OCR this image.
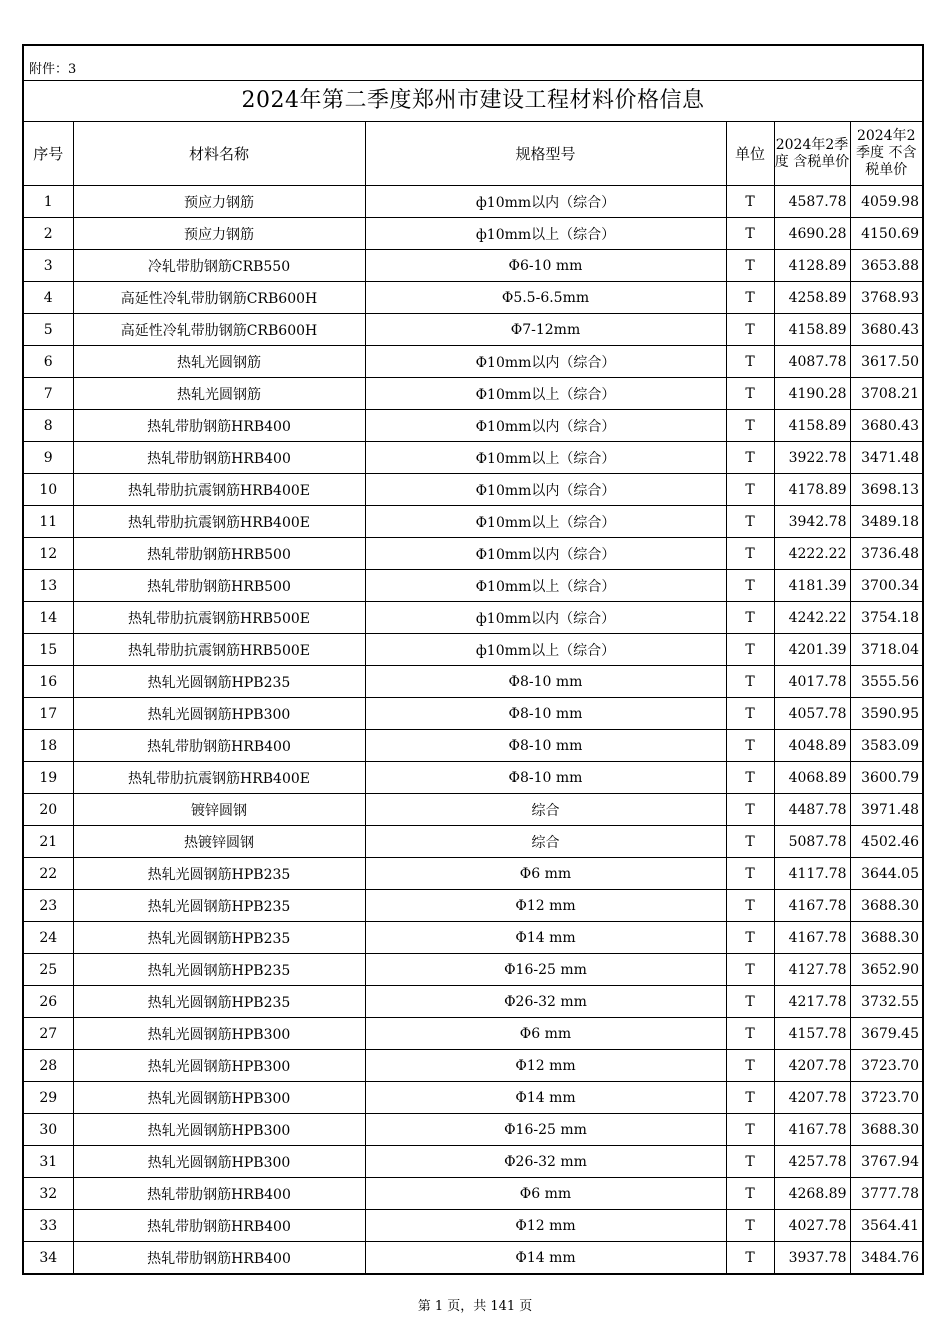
附件：3
2024年第二季度郑州市建设工程材料价格信息
序号	材料名称	规格型号	单位	2024年2季度 含税单价	2024年2季度 不含税单价
1	预应力钢筋	ф10mm以内（综合）	T	4587.78	4059.98
2	预应力钢筋	ф10mm以上（综合）	T	4690.28	4150.69
3	冷轧带肋钢筋CRB550	Φ6-10 mm	T	4128.89	3653.88
4	高延性冷轧带肋钢筋CRB600H	Φ5.5-6.5mm	T	4258.89	3768.93
5	高延性冷轧带肋钢筋CRB600H	Φ7-12mm	T	4158.89	3680.43
6	热轧光圆钢筋	Φ10mm以内（综合）	T	4087.78	3617.50
7	热轧光圆钢筋	Φ10mm以上（综合）	T	4190.28	3708.21
8	热轧带肋钢筋HRB400	Φ10mm以内（综合）	T	4158.89	3680.43
9	热轧带肋钢筋HRB400	Φ10mm以上（综合）	T	3922.78	3471.48
10	热轧带肋抗震钢筋HRB400E	Φ10mm以内（综合）	T	4178.89	3698.13
11	热轧带肋抗震钢筋HRB400E	Φ10mm以上（综合）	T	3942.78	3489.18
12	热轧带肋钢筋HRB500	Φ10mm以内（综合）	T	4222.22	3736.48
13	热轧带肋钢筋HRB500	Φ10mm以上（综合）	T	4181.39	3700.34
14	热轧带肋抗震钢筋HRB500E	ф10mm以内（综合）	T	4242.22	3754.18
15	热轧带肋抗震钢筋HRB500E	ф10mm以上（综合）	T	4201.39	3718.04
16	热轧光圆钢筋HPB235	Φ8-10 mm	T	4017.78	3555.56
17	热轧光圆钢筋HPB300	Φ8-10 mm	T	4057.78	3590.95
18	热轧带肋钢筋HRB400	Φ8-10 mm	T	4048.89	3583.09
19	热轧带肋抗震钢筋HRB400E	Φ8-10 mm	T	4068.89	3600.79
20	镀锌圆钢	综合	T	4487.78	3971.48
21	热镀锌圆钢	综合	T	5087.78	4502.46
22	热轧光圆钢筋HPB235	Φ6 mm	T	4117.78	3644.05
23	热轧光圆钢筋HPB235	Φ12 mm	T	4167.78	3688.30
24	热轧光圆钢筋HPB235	Φ14 mm	T	4167.78	3688.30
25	热轧光圆钢筋HPB235	Φ16-25 mm	T	4127.78	3652.90
26	热轧光圆钢筋HPB235	Φ26-32 mm	T	4217.78	3732.55
27	热轧光圆钢筋HPB300	Φ6 mm	T	4157.78	3679.45
28	热轧光圆钢筋HPB300	Φ12 mm	T	4207.78	3723.70
29	热轧光圆钢筋HPB300	Φ14 mm	T	4207.78	3723.70
30	热轧光圆钢筋HPB300	Φ16-25 mm	T	4167.78	3688.30
31	热轧光圆钢筋HPB300	Φ26-32 mm	T	4257.78	3767.94
32	热轧带肋钢筋HRB400	Φ6 mm	T	4268.89	3777.78
33	热轧带肋钢筋HRB400	Φ12 mm	T	4027.78	3564.41
34	热轧带肋钢筋HRB400	Φ14 mm	T	3937.78	3484.76
第 1 页，共 141 页
